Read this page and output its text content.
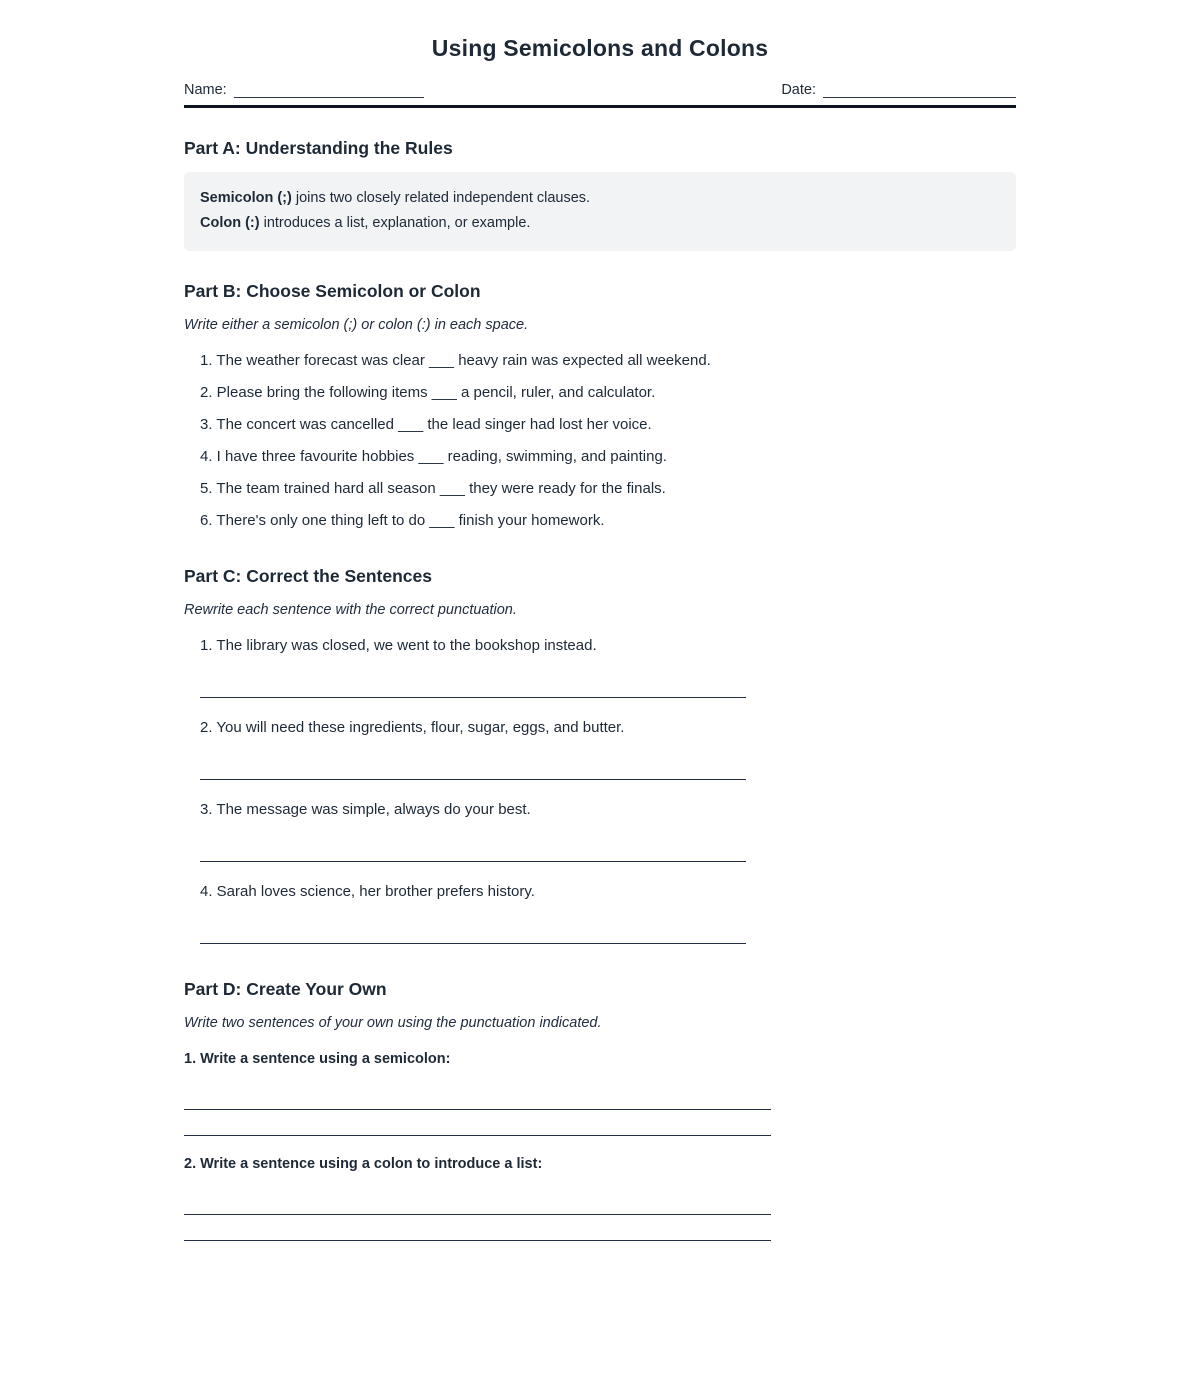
Using Semicolons and Colons
Name:	Date:
Part A: Understanding the Rules

Semicolon (;) joins two closely related independent clauses.

Colon (:) introduces a list, explanation, or example.

Part B: Choose Semicolon or Colon

Write either a semicolon (;) or colon (:) in each space.

1. The weather forecast was clear ___ heavy rain was expected all weekend.

2. Please bring the following items ___ a pencil, ruler, and calculator.

3. The concert was cancelled ___ the lead singer had lost her voice.

4. I have three favourite hobbies ___ reading, swimming, and painting.

5. The team trained hard all season ___ they were ready for the finals.

6. There's only one thing left to do ___ finish your homework.

Part C: Correct the Sentences

Rewrite each sentence with the correct punctuation.

1. The library was closed, we went to the bookshop instead.

2. You will need these ingredients, flour, sugar, eggs, and butter.

3. The message was simple, always do your best.

4. Sarah loves science, her brother prefers history.

Part D: Create Your Own

Write two sentences of your own using the punctuation indicated.

1. Write a sentence using a semicolon:

2. Write a sentence using a colon to introduce a list:
